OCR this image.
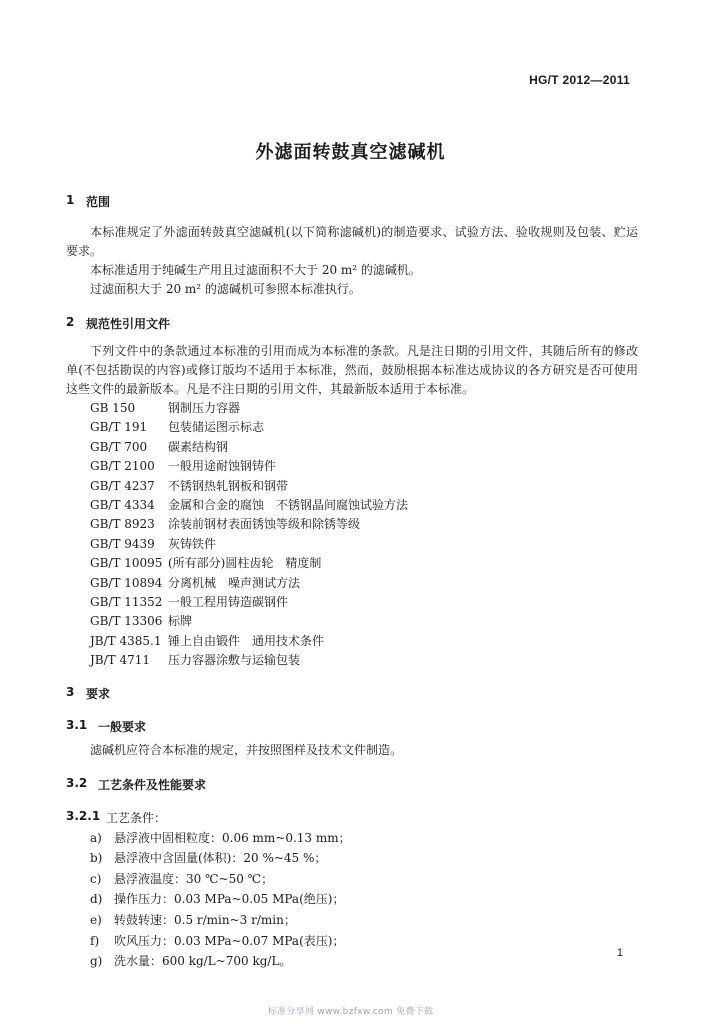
HG/T 2012—2011
外滤面转鼓真空滤碱机
1 范围

本标准规定了外滤面转鼓真空滤碱机(以下简称滤碱机)的制造要求、试验方法、验收规则及包装、贮运要求。

本标准适用于纯碱生产用且过滤面积不大于 20 m² 的滤碱机。

过滤面积大于 20 m² 的滤碱机可参照本标准执行。

2 规范性引用文件

下列文件中的条款通过本标准的引用而成为本标准的条款。凡是注日期的引用文件，其随后所有的修改单(不包括勘误的内容)或修订版均不适用于本标准，然而，鼓励根据本标准达成协议的各方研究是否可使用这些文件的最新版本。凡是不注日期的引用文件，其最新版本适用于本标准。

GB 150	钢制压力容器
GB/T 191	包装储运图示标志
GB/T 700	碳素结构钢
GB/T 2100	一般用途耐蚀钢铸件
GB/T 4237	不锈钢热轧钢板和钢带
GB/T 4334	金属和合金的腐蚀　不锈钢晶间腐蚀试验方法
GB/T 8923	涂装前钢材表面锈蚀等级和除锈等级
GB/T 9439	灰铸铁件
GB/T 10095 (所有部分)圆柱齿轮　精度制
GB/T 10894 分离机械　噪声测试方法
GB/T 11352 一般工程用铸造碳钢件
GB/T 13306 标牌
JB/T 4385.1 锤上自由锻件　通用技术条件
JB/T 4711	压力容器涂敷与运输包装
3 要求
3.1 一般要求

滤碱机应符合本标准的规定，并按照图样及技术文件制造。

3.2 工艺条件及性能要求
3.2.1 工艺条件：
a)	悬浮液中固相粒度：0.06 mm~0.13 mm；
b) 悬浮液中含固量(体积)：20 %~45 %；
c)	悬浮液温度：30 ℃~50 ℃；
d) 操作压力：0.03 MPa~0.05 MPa(绝压)；
e)	转鼓转速：0.5 r/min~3 r/min；
f)	吹风压力：0.03 MPa~0.07 MPa(表压)；
g) 洗水量：600 kg/L~700 kg/L。
1
标准分享网 www.bzfxw.com 免费下载
